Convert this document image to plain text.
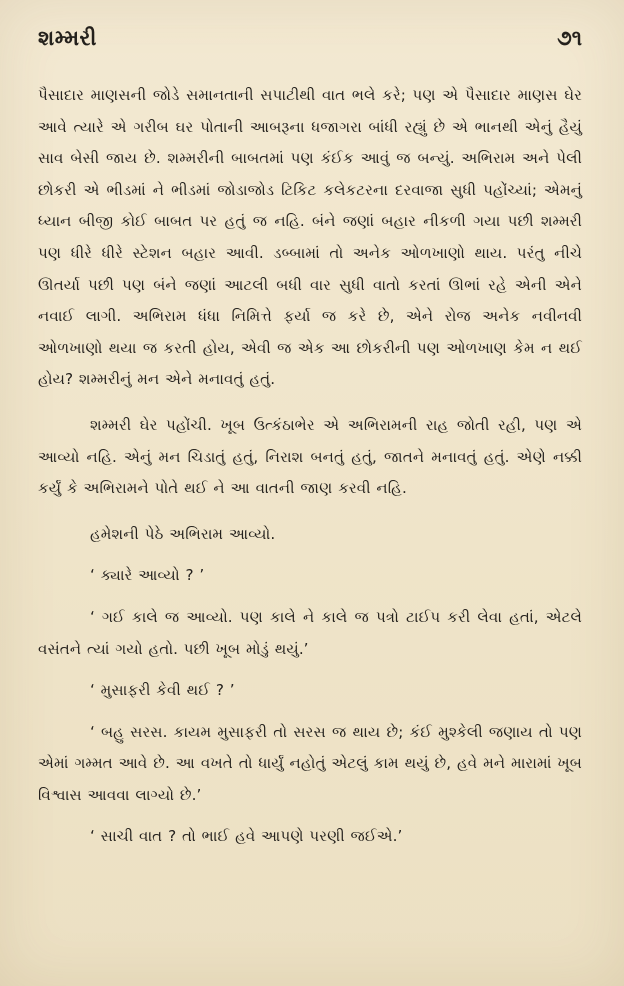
શમ્મરી	૭૧

પૈસાદાર માણસની જોડે સમાનતાની સપાટીથી વાત ભલે કરે; પણ એ પૈસાદાર માણસ ઘેર આવે ત્યારે એ ગરીબ ઘર પોતાની આબરૂના ધજાગરા બાંધી રહ્યું છે એ ભાનથી એનું હૈયું સાવ બેસી જાય છે. શમ્મરીની બાબતમાં પણ કંઈક આવું જ બન્યું. અભિરામ અને પેલી છોકરી એ ભીડમાં ને ભીડમાં જોડાજોડ ટિકિટ કલેકટરના દરવાજા સુધી પહોંચ્યાં; એમનું ધ્યાન બીજી કોઈ બાબત પર હતું જ નહિ. બંને જણાં બહાર નીકળી ગયા પછી શમ્મરી પણ ધીરે ધીરે સ્ટેશન બહાર આવી. ડબ્બામાં તો અનેક ઓળખાણો થાય. પરંતુ નીચે ઊતર્યા પછી પણ બંને જણાં આટલી બધી વાર સુધી વાતો કરતાં ઊભાં રહે એની એને નવાઈ લાગી. અભિરામ ધંધા નિમિત્તે ફર્યા જ કરે છે, એને રોજ અનેક નવીનવી ઓળખાણો થયા જ કરતી હોય, એવી જ એક આ છોકરીની પણ ઓળખાણ કેમ ન થઈ હોય? શમ્મરીનું મન એને મનાવતું હતું.

શમ્મરી ઘેર પહોંચી. ખૂબ ઉત્કંઠાભેર એ અભિરામની રાહ જોતી રહી, પણ એ આવ્યો નહિ. એનું મન ચિડાતું હતું, નિરાશ બનતું હતું, જાતને મનાવતું હતું. એણે નક્કી કર્યું કે અભિરામને પોતે થઈ ને આ વાતની જાણ કરવી નહિ.

હમેશની પેઠે અભિરામ આવ્યો.

‘ ક્યારે આવ્યો ? ’

‘ ગઈ કાલે જ આવ્યો. પણ કાલે ને કાલે જ પત્રો ટાઈપ કરી લેવા હતાં, એટલે વસંતને ત્યાં ગયો હતો. પછી ખૂબ મોડું થયું.’

‘ મુસાફરી કેવી થઈ ? ’

‘ બહુ સરસ. કાયમ મુસાફરી તો સરસ જ થાય છે; કંઈ મુશ્કેલી જણાય તો પણ એમાં ગમ્મત આવે છે. આ વખતે તો ધાર્યું નહોતું એટલું કામ થયું છે, હવે મને મારામાં ખૂબ વિશ્વાસ આવવા લાગ્યો છે.’

‘ સાચી વાત ? તો ભાઈ હવે આપણે પરણી જઈએ.’
